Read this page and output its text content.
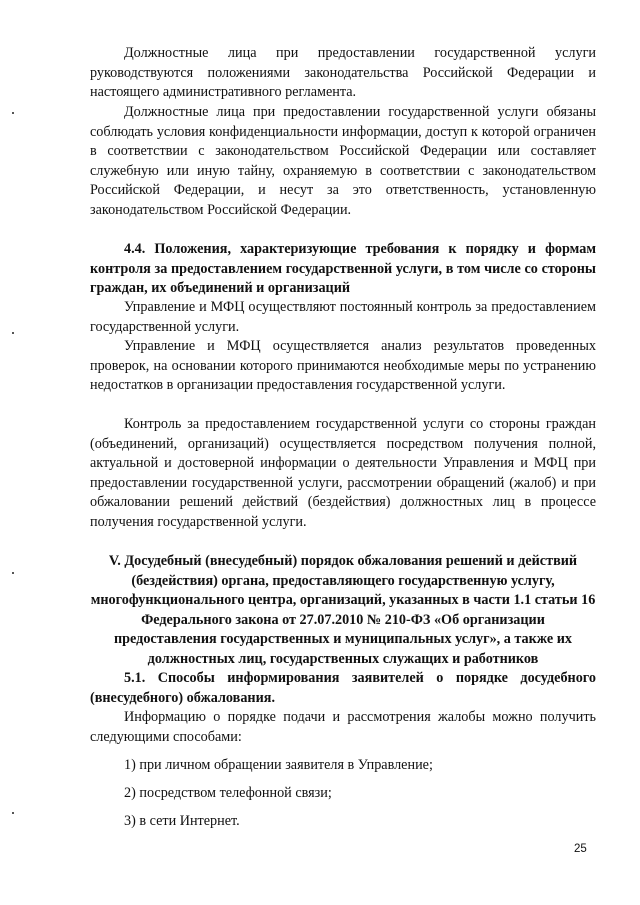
Должностные лица при предоставлении государственной услуги руководствуются положениями законодательства Российской Федерации и настоящего административного регламента.

Должностные лица при предоставлении государственной услуги обязаны соблюдать условия конфиденциальности информации, доступ к которой ограничен в соответствии с законодательством Российской Федерации или составляет служебную или иную тайну, охраняемую в соответствии с законодательством Российской Федерации, и несут за это ответственность, установленную законодательством Российской Федерации.

4.4. Положения, характеризующие требования к порядку и формам контроля за предоставлением государственной услуги, в том числе со стороны граждан, их объединений и организаций

Управление и МФЦ осуществляют постоянный контроль за предоставлением государственной услуги.

Управление и МФЦ осуществляется анализ результатов проведенных проверок, на основании которого принимаются необходимые меры по устранению недостатков в организации предоставления государственной услуги.

Контроль за предоставлением государственной услуги со стороны граждан (объединений, организаций) осуществляется посредством получения полной, актуальной и достоверной информации о деятельности Управления и МФЦ при предоставлении государственной услуги, рассмотрении обращений (жалоб) и при обжаловании решений действий (бездействия) должностных лиц в процессе получения государственной услуги.

V. Досудебный (внесудебный) порядок обжалования решений и действий (бездействия) органа, предоставляющего государственную услугу, многофункционального центра, организаций, указанных в части 1.1 статьи 16 Федерального закона от 27.07.2010 № 210-ФЗ «Об организации предоставления государственных и муниципальных услуг», а также их должностных лиц, государственных служащих и работников

5.1. Способы информирования заявителей о порядке досудебного (внесудебного) обжалования.

Информацию о порядке подачи и рассмотрения жалобы можно получить следующими способами:

1) при личном обращении заявителя в Управление;

2) посредством телефонной связи;

3) в сети Интернет.

25
